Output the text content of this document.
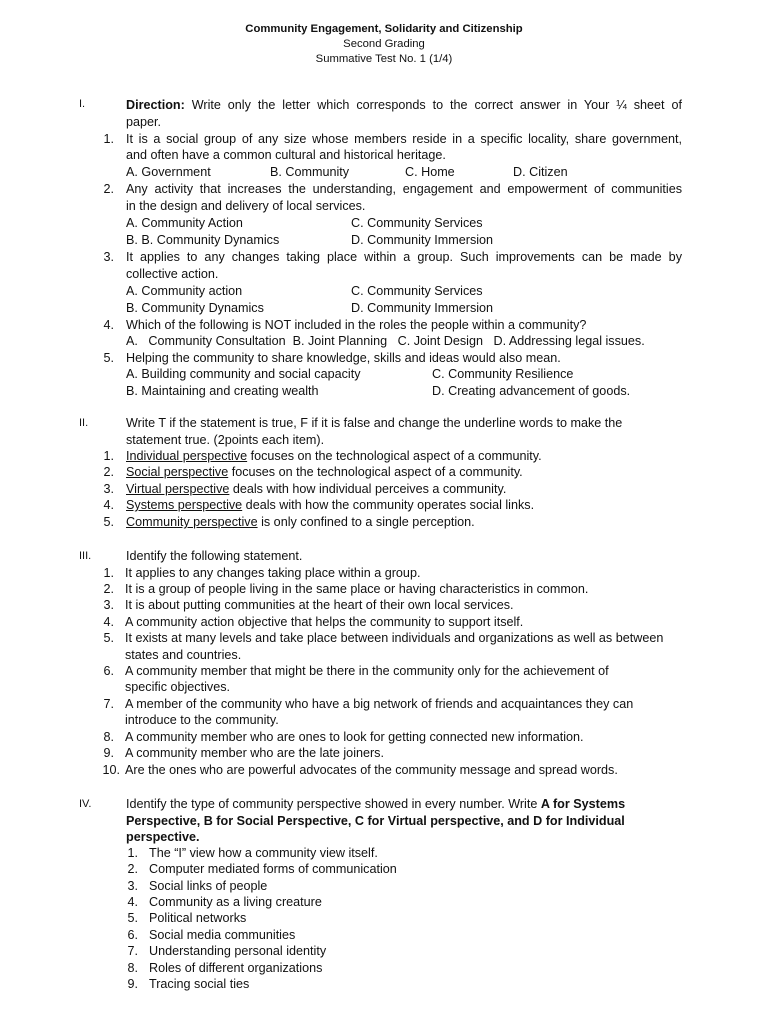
Community Engagement, Solidarity and Citizenship
Second Grading
Summative Test No. 1 (1/4)
I.	Direction: Write only the letter which corresponds to the correct answer in Your ¼ sheet of
paper.
1. It is a social group of any size whose members reside in a specific locality, share government,
and often have a common cultural and historical heritage.
A. Government	B. Community	C. Home	D. Citizen
2. Any activity that increases the understanding, engagement and empowerment of communities
in the design and delivery of local services.
A. Community Action	C. Community Services
B. B. Community Dynamics	D. Community Immersion
3. It applies to any changes taking place within a group. Such improvements can be made by
collective action.
A. Community action	C. Community Services
B. Community Dynamics	D. Community Immersion
4. Which of the following is NOT included in the roles the people within a community?
A.   Community Consultation  B. Joint Planning   C. Joint Design   D. Addressing legal issues.
5. Helping the community to share knowledge, skills and ideas would also mean.
A. Building community and social capacity	C. Community Resilience
B. Maintaining and creating wealth	D. Creating advancement of goods.
II.	Write T if the statement is true, F if it is false and change the underline words to make the
statement true. (2points each item).
1. Individual perspective focuses on the technological aspect of a community.
2. Social perspective focuses on the technological aspect of a community.
3. Virtual perspective deals with how individual perceives a community.
4. Systems perspective deals with how the community operates social links.
5. Community perspective is only confined to a single perception.
III.	Identify the following statement.
1. It applies to any changes taking place within a group.
2. It is a group of people living in the same place or having characteristics in common.
3. It is about putting communities at the heart of their own local services.
4. A community action objective that helps the community to support itself.
5. It exists at many levels and take place between individuals and organizations as well as between
states and countries.
6. A community member that might be there in the community only for the achievement of
specific objectives.
7. A member of the community who have a big network of friends and acquaintances they can
introduce to the community.
8. A community member who are ones to look for getting connected new information.
9. A community member who are the late joiners.
10. Are the ones who are powerful advocates of the community message and spread words.
IV.	Identify the type of community perspective showed in every number. Write A for Systems
Perspective, B for Social Perspective, C for Virtual perspective, and D for Individual
perspective.
1. The “I” view how a community view itself.
2. Computer mediated forms of communication
3. Social links of people
4. Community as a living creature
5. Political networks
6. Social media communities
7. Understanding personal identity
8. Roles of different organizations
9. Tracing social ties
